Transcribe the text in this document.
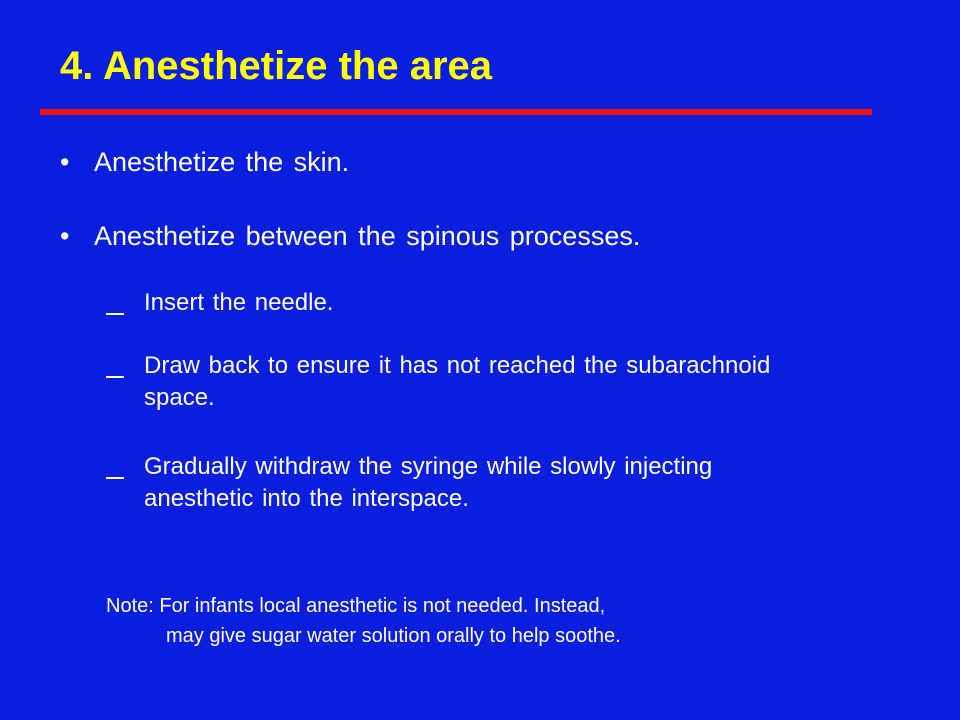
4. Anesthetize the area
• Anesthetize the skin.
• Anesthetize between the spinous processes.
Insert the needle.
Draw back to ensure it has not reached the subarachnoid space.
Gradually withdraw the syringe while slowly injecting anesthetic into the interspace.
Note: For infants local anesthetic is not needed. Instead,
may give sugar water solution orally to help soothe.
